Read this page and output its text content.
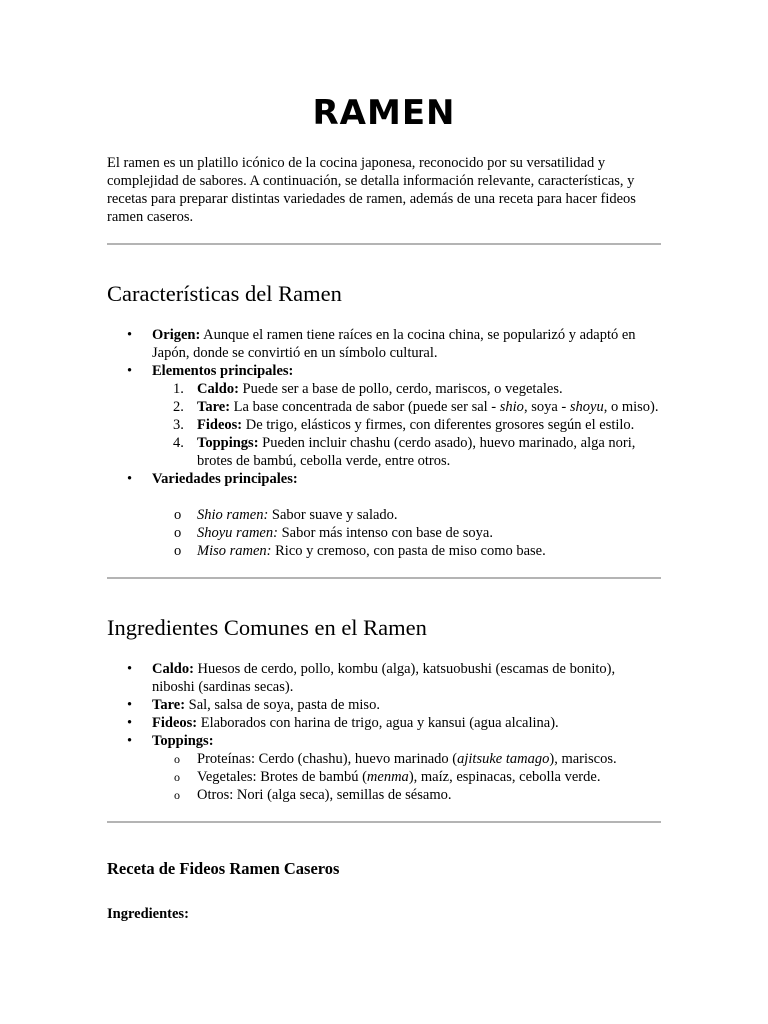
RAMEN

El ramen es un platillo icónico de la cocina japonesa, reconocido por su versatilidad y complejidad de sabores. A continuación, se detalla información relevante, características, y recetas para preparar distintas variedades de ramen, además de una receta para hacer fideos ramen caseros.

Características del Ramen
• Origen: Aunque el ramen tiene raíces en la cocina china, se popularizó y adaptó en Japón, donde se convirtió en un símbolo cultural.
• Elementos principales:
1. Caldo: Puede ser a base de pollo, cerdo, mariscos, o vegetales.
2. Tare: La base concentrada de sabor (puede ser sal - shio, soya - shoyu, o miso).
3. Fideos: De trigo, elásticos y firmes, con diferentes grosores según el estilo.
4. Toppings: Pueden incluir chashu (cerdo asado), huevo marinado, alga nori, brotes de bambú, cebolla verde, entre otros.
• Variedades principales:
o Shio ramen: Sabor suave y salado.
o Shoyu ramen: Sabor más intenso con base de soya.
o Miso ramen: Rico y cremoso, con pasta de miso como base.
Ingredientes Comunes en el Ramen
• Caldo: Huesos de cerdo, pollo, kombu (alga), katsuobushi (escamas de bonito), niboshi (sardinas secas).
• Tare: Sal, salsa de soya, pasta de miso.
• Fideos: Elaborados con harina de trigo, agua y kansui (agua alcalina).
• Toppings:
o Proteínas: Cerdo (chashu), huevo marinado (ajitsuke tamago), mariscos.
o Vegetales: Brotes de bambú (menma), maíz, espinacas, cebolla verde.
o Otros: Nori (alga seca), semillas de sésamo.
Receta de Fideos Ramen Caseros

Ingredientes:
